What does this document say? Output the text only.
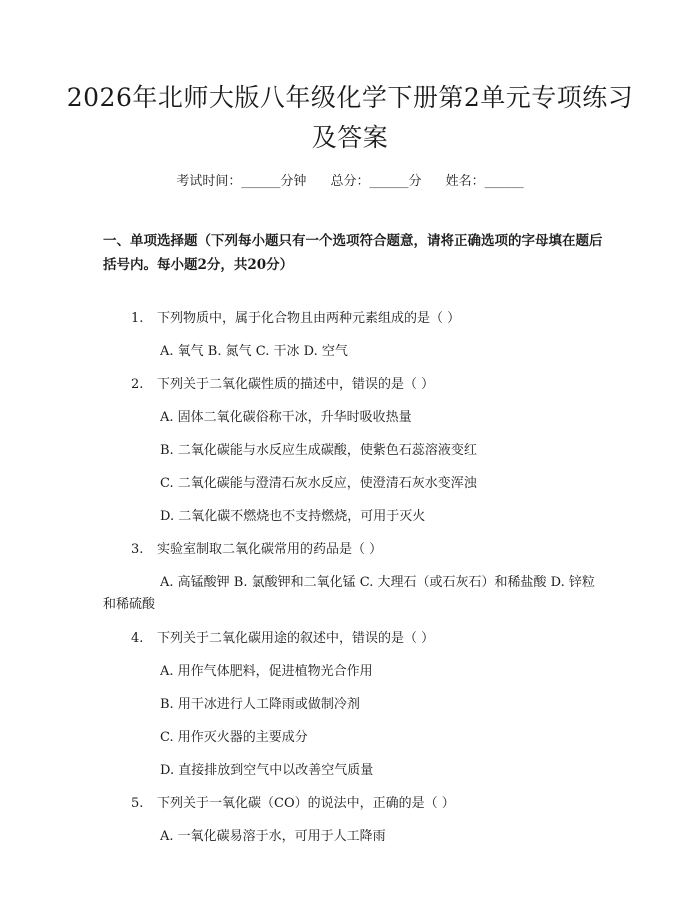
2026年北师大版八年级化学下册第2单元专项练习及答案
考试时间：______分钟 总分：______分 姓名：______
一、单项选择题（下列每小题只有一个选项符合题意，请将正确选项的字母填在题后括号内。每小题2分，共20分）
1. 下列物质中，属于化合物且由两种元素组成的是（ ）
A. 氧气 B. 氮气 C. 干冰 D. 空气
2. 下列关于二氧化碳性质的描述中，错误的是（ ）
A. 固体二氧化碳俗称干冰，升华时吸收热量
B. 二氧化碳能与水反应生成碳酸，使紫色石蕊溶液变红
C. 二氧化碳能与澄清石灰水反应，使澄清石灰水变浑浊
D. 二氧化碳不燃烧也不支持燃烧，可用于灭火
3. 实验室制取二氧化碳常用的药品是（ ）
A. 高锰酸钾 B. 氯酸钾和二氧化锰 C. 大理石（或石灰石）和稀盐酸 D. 锌粒和稀硫酸
4. 下列关于二氧化碳用途的叙述中，错误的是（ ）
A. 用作气体肥料，促进植物光合作用
B. 用干冰进行人工降雨或做制冷剂
C. 用作灭火器的主要成分
D. 直接排放到空气中以改善空气质量
5. 下列关于一氧化碳（CO）的说法中，正确的是（ ）
A. 一氧化碳易溶于水，可用于人工降雨
